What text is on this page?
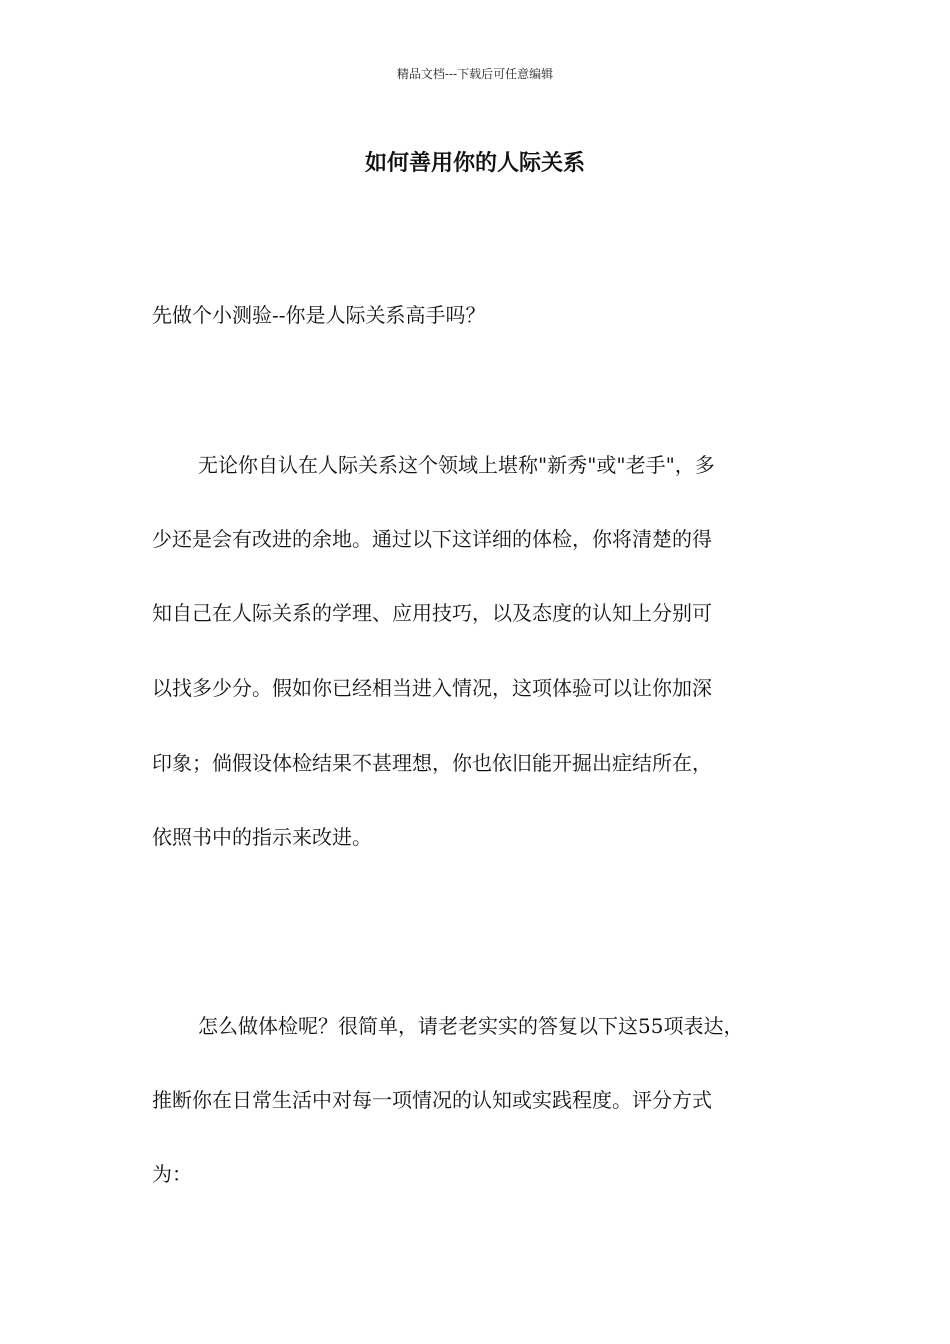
精品文档---下载后可任意编辑
如何善用你的人际关系
先做个小测验--你是人际关系高手吗？
无论你自认在人际关系这个领域上堪称"新秀"或"老手"，多
少还是会有改进的余地。通过以下这详细的体检，你将清楚的得
知自己在人际关系的学理、应用技巧，以及态度的认知上分别可
以找多少分。假如你已经相当进入情况，这项体验可以让你加深
印象；倘假设体检结果不甚理想，你也依旧能开掘出症结所在，
依照书中的指示来改进。
怎么做体检呢？很简单，请老老实实的答复以下这55项表达，
推断你在日常生活中对每一项情况的认知或实践程度。评分方式
为：
